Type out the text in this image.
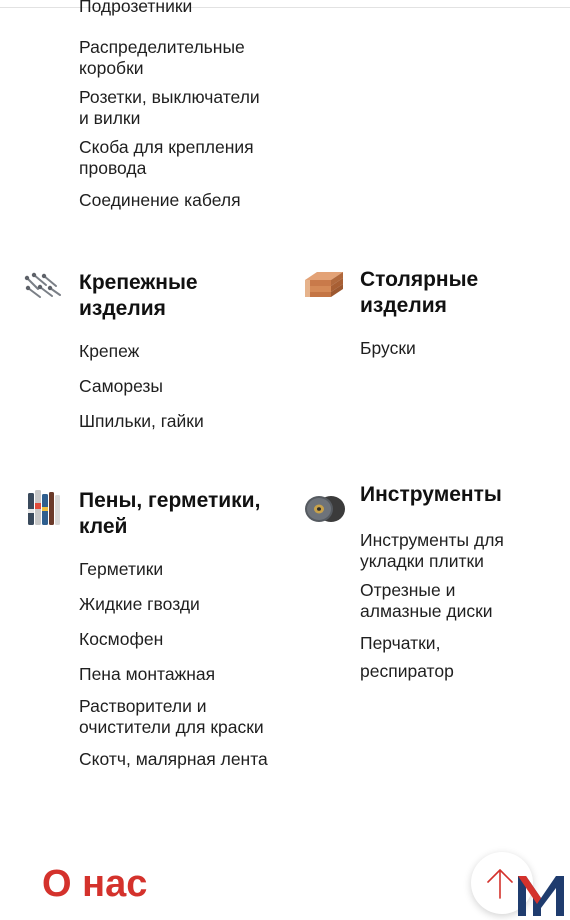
Подрозетники
Распределительные
коробки
Розетки, выключатели
и вилки
Скоба для крепления
провода
Соединение кабеля
Крепежные
изделия
Крепеж
Саморезы
Шпильки, гайки
Столярные
изделия
Бруски
Пены, герметики,
клей
Герметики
Жидкие гвозди
Космофен
Пена монтажная
Растворители и
очистители для краски
Скотч, малярная лента
Инструменты
Инструменты для
укладки плитки
Отрезные и
алмазные диски
Перчатки,
респиратор
О нас
